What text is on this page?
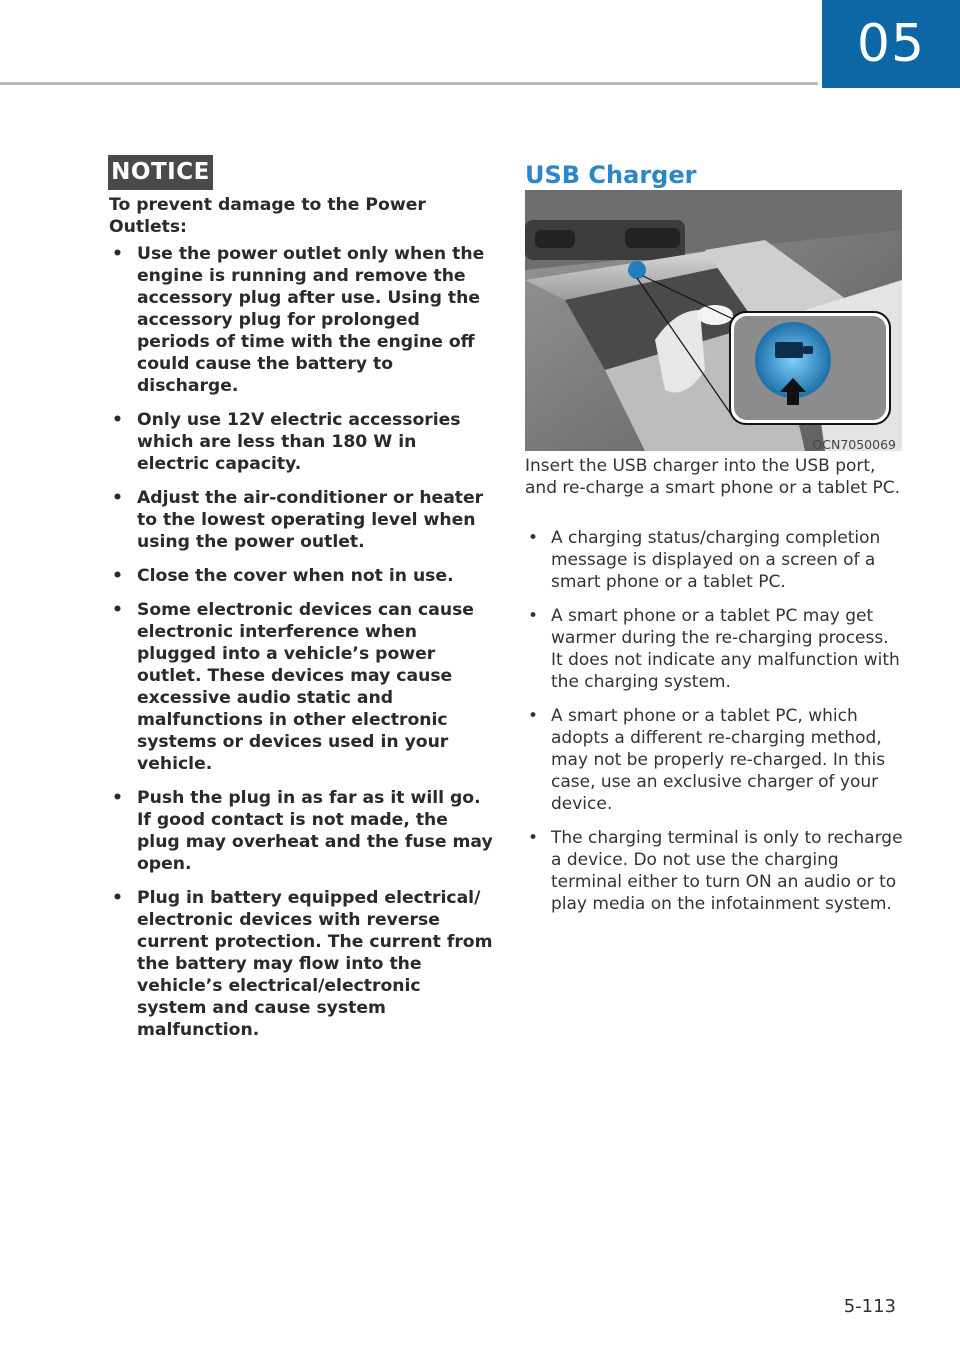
05
NOTICE

To prevent damage to the Power Outlets:

• Use the power outlet only when the engine is running and remove the accessory plug after use. Using the accessory plug for prolonged periods of time with the engine off could cause the battery to discharge.
• Only use 12V electric accessories which are less than 180 W in electric capacity.
• Adjust the air-conditioner or heater to the lowest operating level when using the power outlet.
• Close the cover when not in use.
• Some electronic devices can cause electronic interference when plugged into a vehicle’s power outlet. These devices may cause excessive audio static and malfunctions in other electronic systems or devices used in your vehicle.
• Push the plug in as far as it will go. If good contact is not made, the plug may overheat and the fuse may open.
• Plug in battery equipped electrical/ electronic devices with reverse current protection. The current from the battery may flow into the vehicle’s electrical/electronic system and cause system malfunction.
USB Charger
OCN7050069

Insert the USB charger into the USB port, and re-charge a smart phone or a tablet PC.

• A charging status/charging completion message is displayed on a screen of a smart phone or a tablet PC.
• A smart phone or a tablet PC may get warmer during the re-charging process. It does not indicate any malfunction with the charging system.
• A smart phone or a tablet PC, which adopts a different re-charging method, may not be properly re-charged. In this case, use an exclusive charger of your device.
• The charging terminal is only to recharge a device. Do not use the charging terminal either to turn ON an audio or to play media on the infotainment system.
5-113
